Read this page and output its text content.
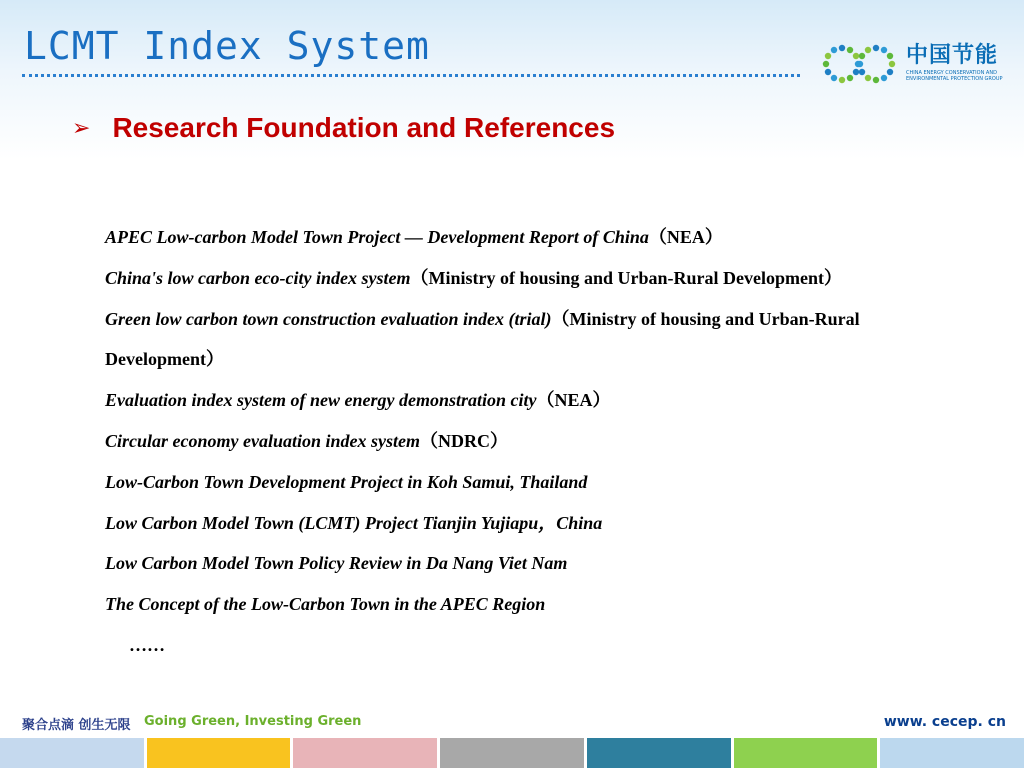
LCMT Index System	中国节能
CHINA ENERGY CONSERVATION AND ENVIRONMENTAL PROTECTION GROUP
➢ Research Foundation and References

APEC Low-carbon Model Town Project — Development Report of China（NEA）

China's low carbon eco-city index system（Ministry of housing and Urban-Rural Development）

Green low carbon town construction evaluation index (trial)（Ministry of housing and Urban-Rural Development）

Evaluation index system of new energy demonstration city（NEA）

Circular economy evaluation index system（NDRC）

Low-Carbon Town Development Project in Koh Samui, Thailand

Low Carbon Model Town (LCMT) Project Tianjin Yujiapu，China

Low Carbon Model Town Policy Review in Da Nang Viet Nam

The Concept of the Low-Carbon Town in the APEC Region

……

聚合点滴 创生无限 Going Green, Investing Green	www. cecep. cn
